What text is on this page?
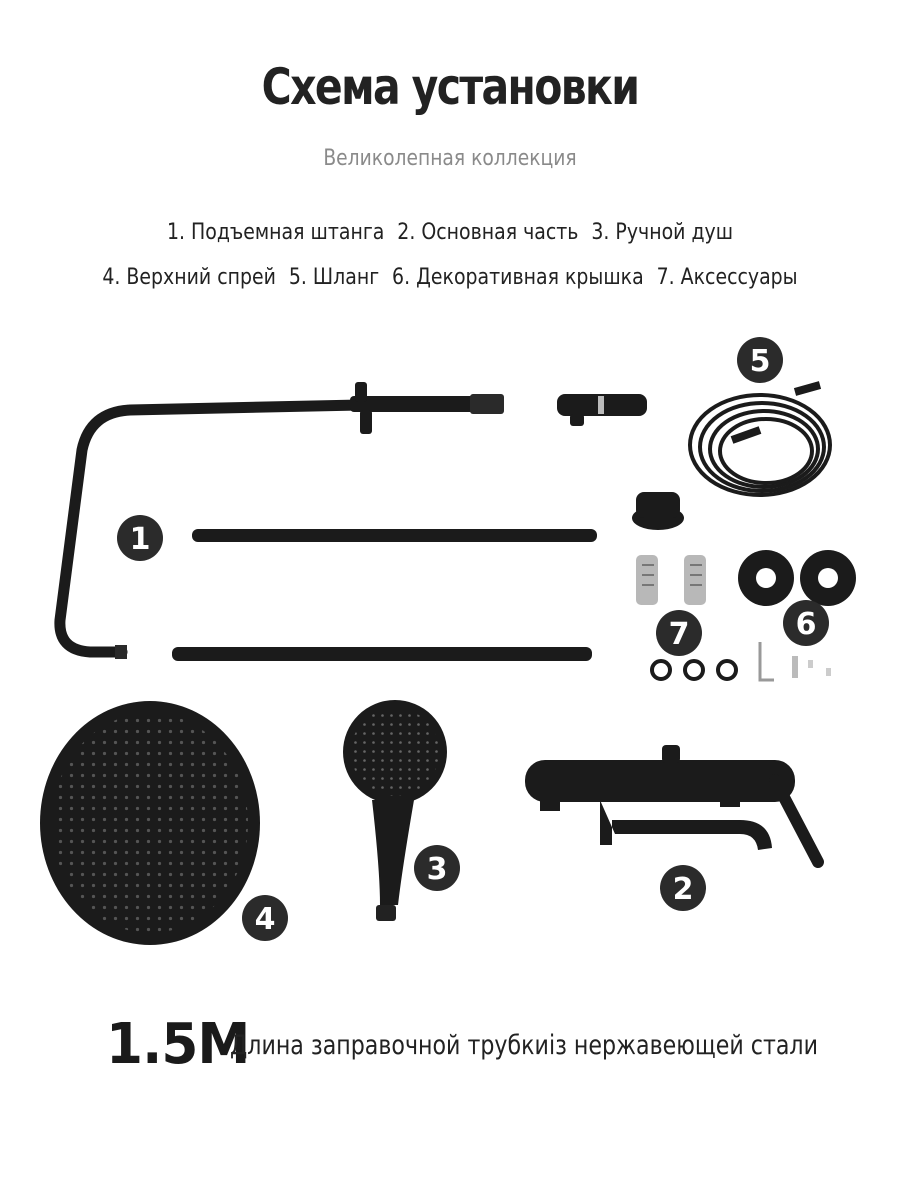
Схема установки
Великолепная коллекция
1. Подъемная штанга 2. Основная часть 3. Ручной душ
4. Верхний спрей 5. Шланг 6. Декоративная крышка 7. Аксессуары
1
2
3
4
5
6
7
1.5M
Длина заправочной трубкиiз нержавеющей стали
